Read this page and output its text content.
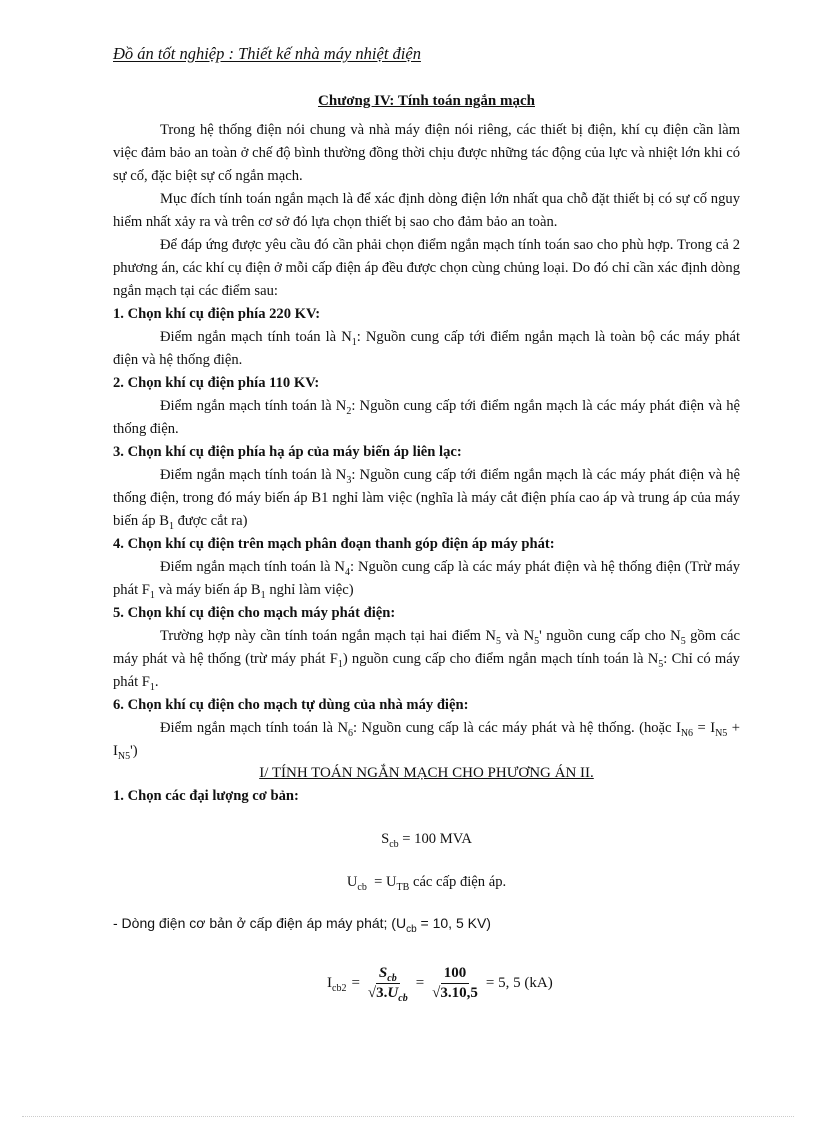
Đồ án tốt nghiệp : Thiết kế nhà máy nhiệt điện

Chương IV: Tính toán ngắn mạch

Trong hệ thống điện nói chung và nhà máy điện nói riêng, các thiết bị điện, khí cụ điện cần làm việc đảm bảo an toàn ở chế độ bình thường đồng thời chịu được những tác động của lực và nhiệt lớn khi có sự cố, đặc biệt sự cố ngắn mạch.

Mục đích tính toán ngắn mạch là để xác định dòng điện lớn nhất qua chỗ đặt thiết bị có sự cố nguy hiểm nhất xảy ra và trên cơ sở đó lựa chọn thiết bị sao cho đảm bảo an toàn.

Để đáp ứng được yêu cầu đó cần phải chọn điểm ngắn mạch tính toán sao cho phù hợp. Trong cả 2 phương án, các khí cụ điện ở mỗi cấp điện áp đều được chọn cùng chủng loại. Do đó chỉ cần xác định dòng ngắn mạch tại các điểm sau:

1. Chọn khí cụ điện phía 220 KV:

Điểm ngắn mạch tính toán là $N_1$: Nguồn cung cấp tới điểm ngắn mạch là toàn bộ các máy phát điện và hệ thống điện.

2. Chọn khí cụ điện phía 110 KV:

Điểm ngắn mạch tính toán là $N_2$: Nguồn cung cấp tới điểm ngắn mạch là các máy phát điện và hệ thống điện.

3. Chọn khí cụ điện phía hạ áp của máy biến áp liên lạc:

Điểm ngắn mạch tính toán là $N_3$: Nguồn cung cấp tới điểm ngắn mạch là các máy phát điện và hệ thống điện, trong đó máy biến áp B1 nghỉ làm việc (nghĩa là máy cắt điện phía cao áp và trung áp của máy biến áp $B_1$ được cắt ra)

4. Chọn khí cụ điện trên mạch phân đoạn thanh góp điện áp máy phát:

Điểm ngắn mạch tính toán là $N_4$: Nguồn cung cấp là các máy phát điện và hệ thống điện (Trừ máy phát $F_1$ và máy biến áp $B_1$ nghỉ làm việc)

5. Chọn khí cụ điện cho mạch máy phát điện:

Trường hợp này cần tính toán ngắn mạch tại hai điểm $N_5$ và $N_5'$ nguồn cung cấp cho $N_5$ gồm các máy phát và hệ thống (trừ máy phát $F_1$) nguồn cung cấp cho điểm ngắn mạch tính toán là $N_5$: Chỉ có máy phát $F_1$.

6. Chọn khí cụ điện cho mạch tự dùng của nhà máy điện:

Điểm ngắn mạch tính toán là $N_6$: Nguồn cung cấp là các máy phát và hệ thống. (hoặc $I_{N6} = I_{N5} + I_{N5}'$)

I/ TÍNH TOÁN NGẮN MẠCH CHO PHƯƠNG ÁN II.

1. Chọn các đại lượng cơ bản:

$S_{cb} = 100$ MVA

$U_{cb} = U_{TB}$ các cấp điện áp.

- Dòng điện cơ bản ở cấp điện áp máy phát; ($U_{cb} = 10$, 5 KV)

$I_{cb2} = \frac{S_{cb}}{√3.U_{cb}} = \frac{100}{√3.10,5} = 5$, 5 (kA)
